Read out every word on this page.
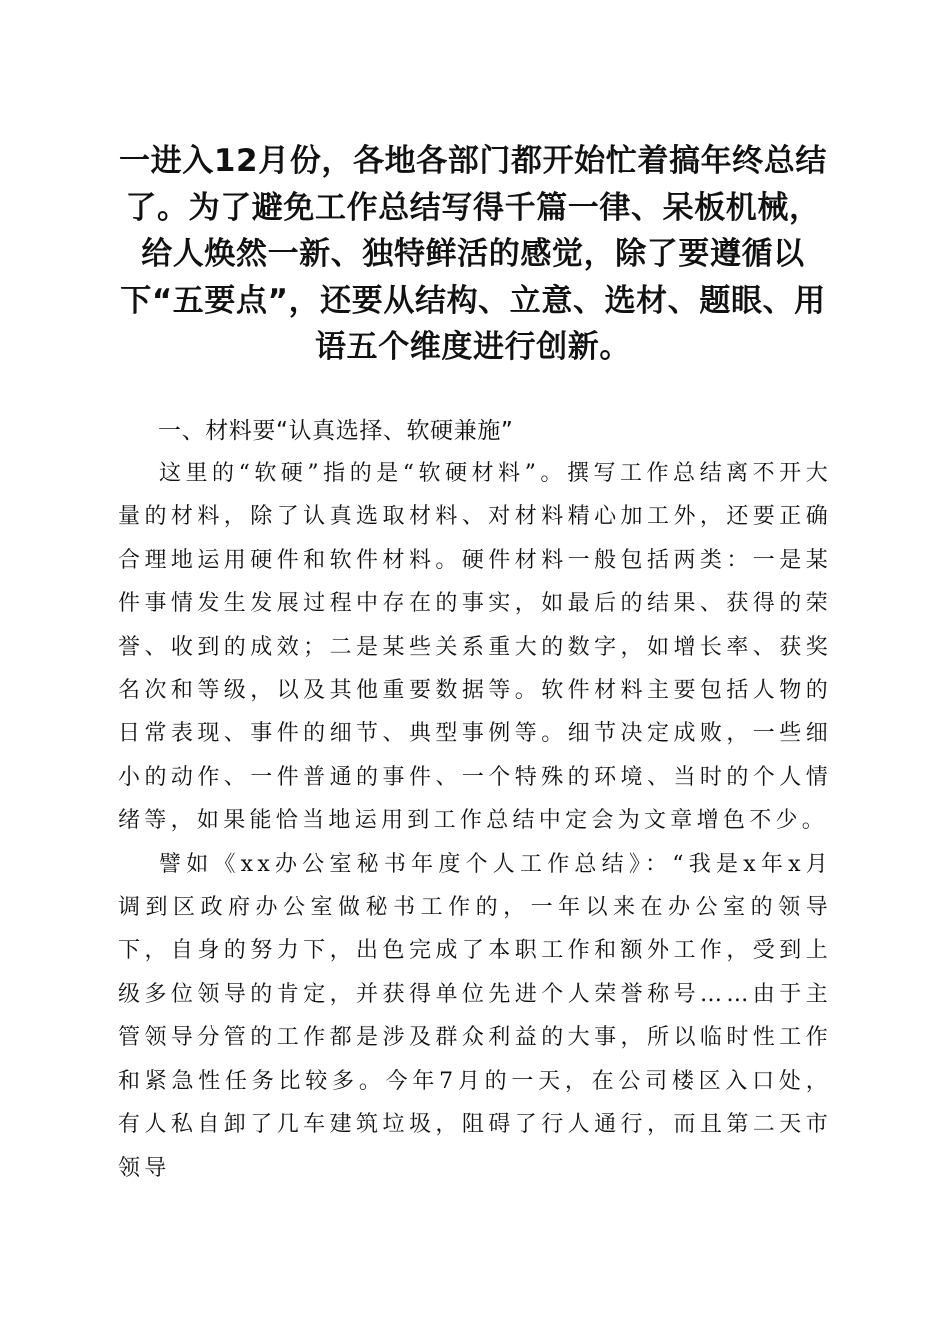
一进入12月份，各地各部门都开始忙着搞年终总结了。为了避免工作总结写得千篇一律、呆板机械，给人焕然一新、独特鲜活的感觉，除了要遵循以下“五要点”，还要从结构、立意、选材、题眼、用语五个维度进行创新。

一、材料要“认真选择、软硬兼施”

这里的“软硬”指的是“软硬材料”。撰写工作总结离不开大量的材料，除了认真选取材料、对材料精心加工外，还要正确合理地运用硬件和软件材料。硬件材料一般包括两类：一是某件事情发生发展过程中存在的事实，如最后的结果、获得的荣誉、收到的成效；二是某些关系重大的数字，如增长率、获奖名次和等级，以及其他重要数据等。软件材料主要包括人物的日常表现、事件的细节、典型事例等。细节决定成败，一些细小的动作、一件普通的事件、一个特殊的环境、当时的个人情绪等，如果能恰当地运用到工作总结中定会为文章增色不少。

譬如《xx办公室秘书年度个人工作总结》：“我是x年x月调到区政府办公室做秘书工作的，一年以来在办公室的领导下，自身的努力下，出色完成了本职工作和额外工作，受到上级多位领导的肯定，并获得单位先进个人荣誉称号……由于主管领导分管的工作都是涉及群众利益的大事，所以临时性工作和紧急性任务比较多。今年7月的一天，在公司楼区入口处，有人私自卸了几车建筑垃圾，阻碍了行人通行，而且第二天市领导
